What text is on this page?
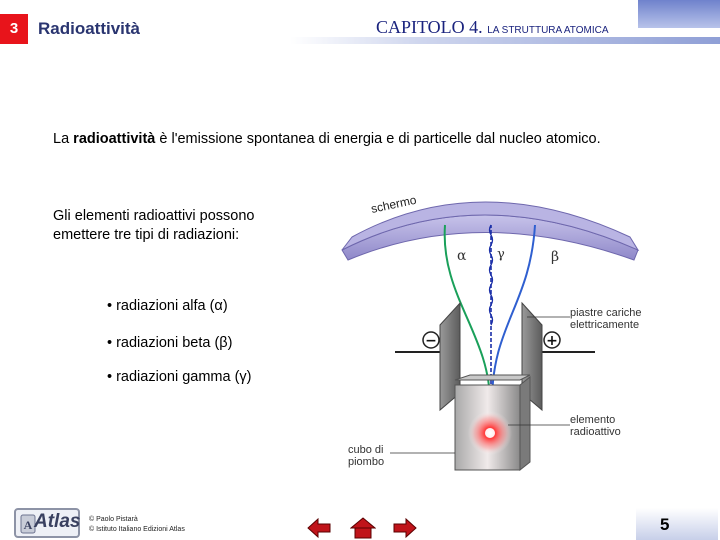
3	Radioattività	CAPITOLO 4. LA STRUTTURA ATOMICA
La radioattività è l'emissione spontanea di energia e di particelle dal nucleo atomico.
Gli elementi radioattivi possono emettere tre tipi di radiazioni:
• radiazioni alfa (α)
• radiazioni beta (β)
• radiazioni gamma (γ)
schermo
α γ	β
−	+
piastre cariche
elettricamente
elemento
radioattivo
cubo di
piombo
A Atlas © Paolo Pistarà
© Istituto Italiano Edizioni Atlas	5
